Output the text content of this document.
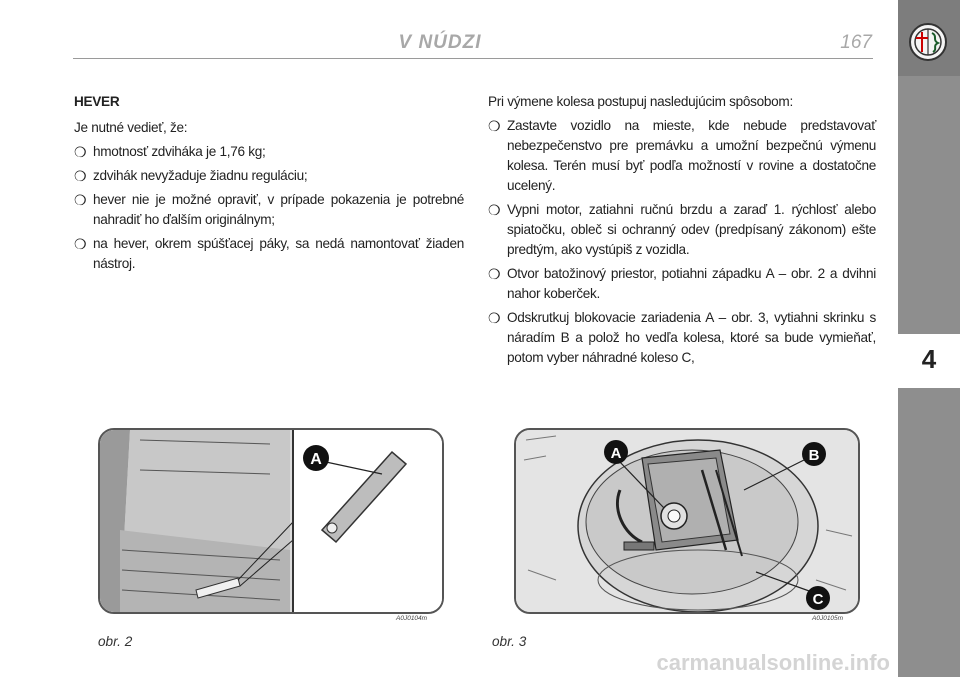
V NÚDZI	167
4
HEVER
Je nutné vedieť, že:
❍ hmotnosť zdviháka je 1,76 kg;
❍ zdvihák nevyžaduje žiadnu reguláciu;
❍ hever nie je možné opraviť, v prípade pokazenia je potrebné nahradiť ho ďalším originálnym;
❍ na hever, okrem spúšťacej páky, sa nedá namontovať žiaden nástroj.
Pri výmene kolesa postupuj nasledujúcim spôsobom:
❍ Zastavte vozidlo na mieste, kde nebude predstavovať nebezpečenstvo pre premávku a umožní bezpečnú výmenu kolesa. Terén musí byť podľa možností v rovine a dostatočne ucelený.
❍ Vypni motor, zatiahni ručnú brzdu a zaraď 1. rýchlosť alebo spiatočku, obleč si ochranný odev (predpísaný zákonom) ešte predtým, ako vystúpiš z vozidla.
❍ Otvor batožinový priestor, potiahni západku A – obr. 2 a dvihni nahor koberček.
❍ Odskrutkuj blokovacie zariadenia A – obr. 3, vytiahni skrinku s náradím B a polož ho vedľa kolesa, ktoré sa bude vymieňať, potom vyber náhradné koleso C,
A
obr. 2
A0J0104m
A	B
C
obr. 3
A0J0105m
carmanualsonline.info
